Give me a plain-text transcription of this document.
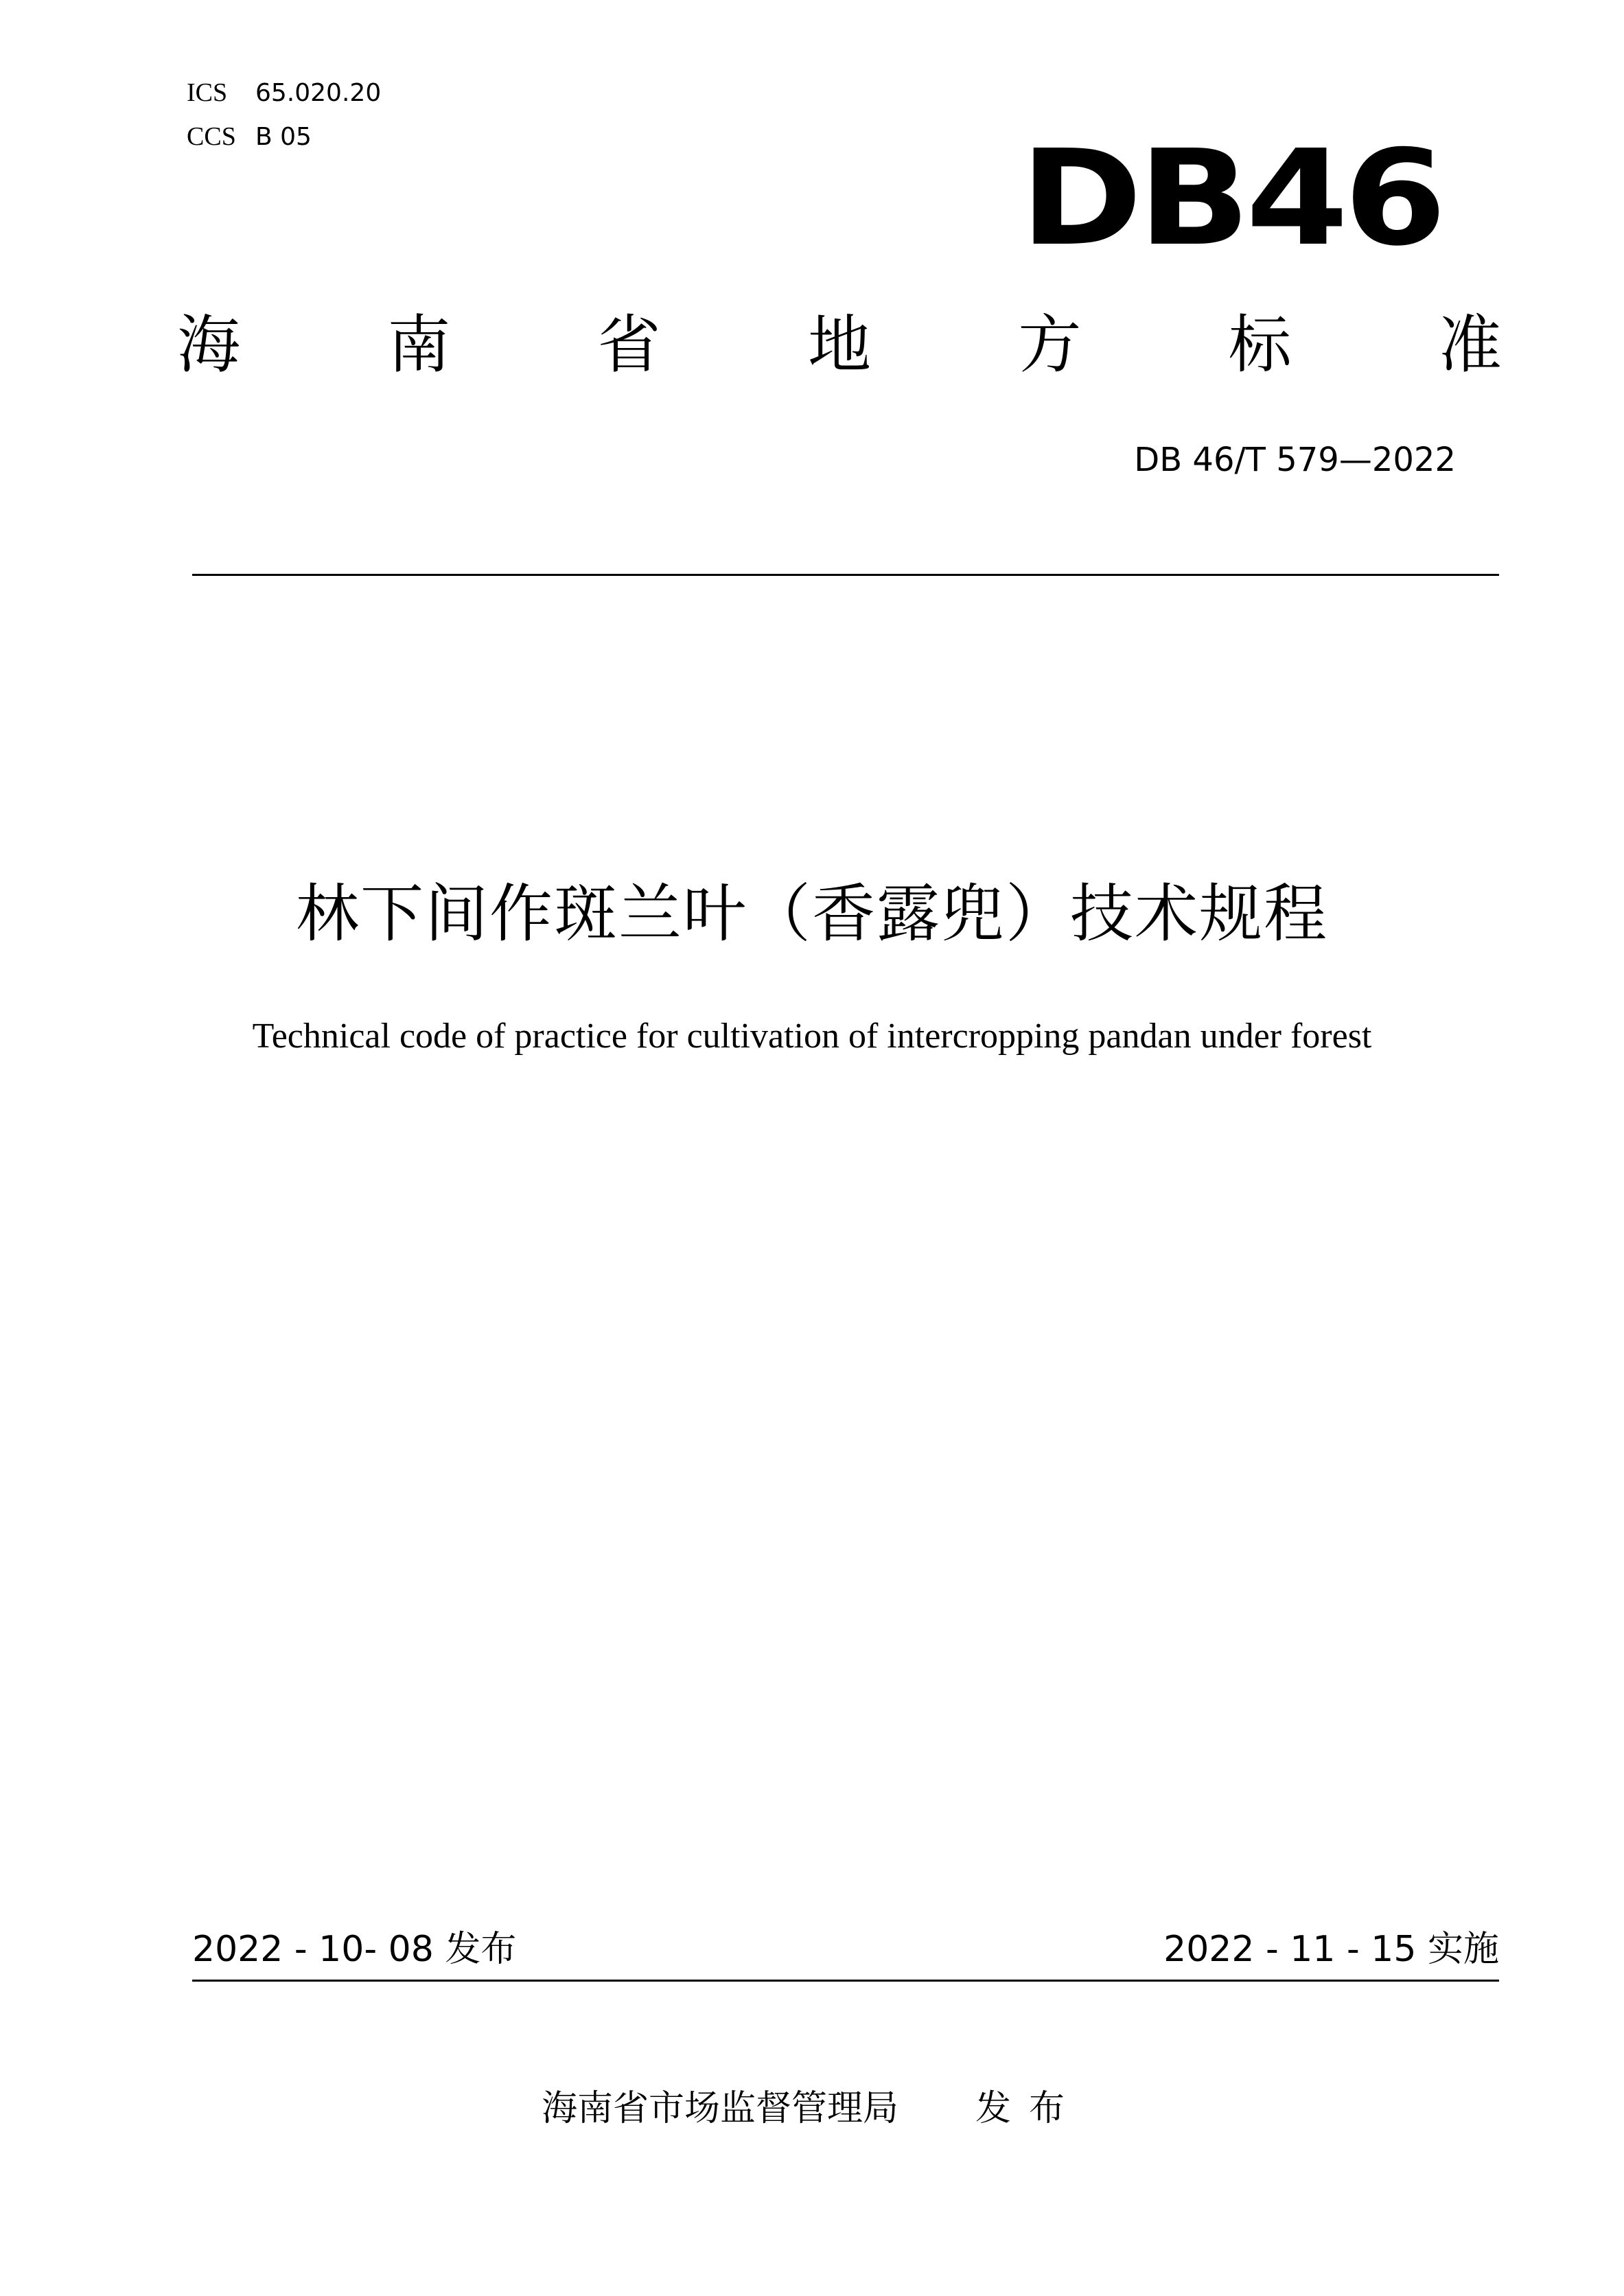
ICS 65.020.20
CCS B 05	DB46
海 南 省 地 方 标 准
DB 46/T 579—2022
林下间作斑兰叶（香露兜）技术规程
Technical code of practice for cultivation of intercropping pandan under forest
2022 - 10- 08 发布	2022 - 11 - 15 实施
海南省市场监督管理局 发布
